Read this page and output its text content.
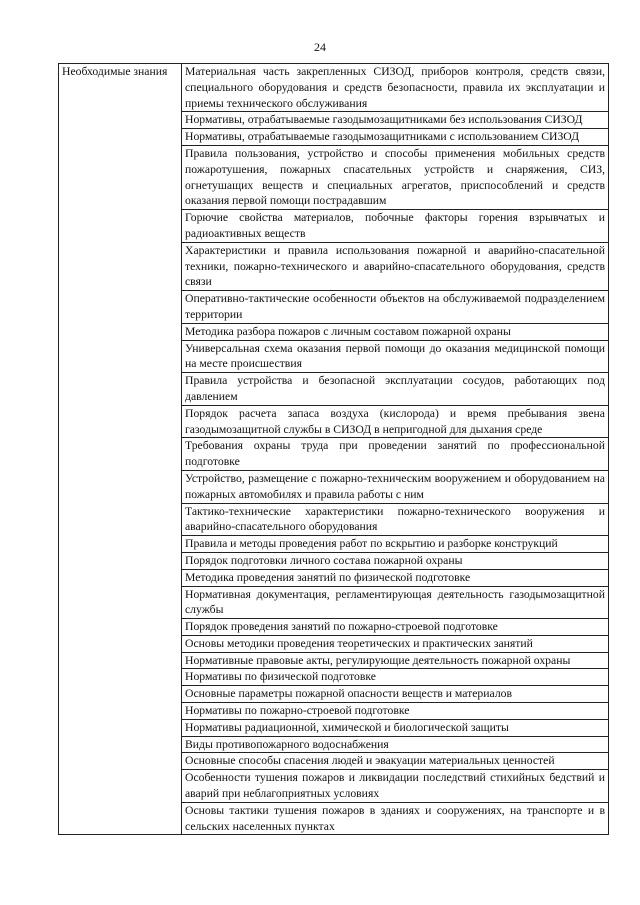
24
Необходимые знания	Материальная часть закрепленных СИЗОД, приборов контроля, средств связи, специального оборудования и средств безопасности, правила их эксплуатации и приемы технического обслуживания
Нормативы, отрабатываемые газодымозащитниками без использования СИЗОД
Нормативы, отрабатываемые газодымозащитниками с использованием СИЗОД
Правила пользования, устройство и способы применения мобильных средств пожаротушения, пожарных спасательных устройств и снаряжения, СИЗ, огнетушащих веществ и специальных агрегатов, приспособлений и средств оказания первой помощи пострадавшим
Горючие свойства материалов, побочные факторы горения взрывчатых и радиоактивных веществ
Характеристики и правила использования пожарной и аварийно-спасательной техники, пожарно-технического и аварийно-спасательного оборудования, средств связи
Оперативно-тактические особенности объектов на обслуживаемой подразделением территории
Методика разбора пожаров с личным составом пожарной охраны
Универсальная схема оказания первой помощи до оказания медицинской помощи на месте происшествия
Правила устройства и безопасной эксплуатации сосудов, работающих под давлением
Порядок расчета запаса воздуха (кислорода) и время пребывания звена газодымозащитной службы в СИЗОД в непригодной для дыхания среде
Требования охраны труда при проведении занятий по профессиональной подготовке
Устройство, размещение с пожарно-техническим вооружением и оборудованием на пожарных автомобилях и правила работы с ним
Тактико-технические характеристики пожарно-технического вооружения и аварийно-спасательного оборудования
Правила и методы проведения работ по вскрытию и разборке конструкций
Порядок подготовки личного состава пожарной охраны
Методика проведения занятий по физической подготовке
Нормативная документация, регламентирующая деятельность газодымозащитной службы
Порядок проведения занятий по пожарно-строевой подготовке
Основы методики проведения теоретических и практических занятий
Нормативные правовые акты, регулирующие деятельность пожарной охраны
Нормативы по физической подготовке
Основные параметры пожарной опасности веществ и материалов
Нормативы по пожарно-строевой подготовке
Нормативы радиационной, химической и биологической защиты
Виды противопожарного водоснабжения
Основные способы спасения людей и эвакуации материальных ценностей
Особенности тушения пожаров и ликвидации последствий стихийных бедствий и аварий при неблагоприятных условиях
Основы тактики тушения пожаров в зданиях и сооружениях, на транспорте и в сельских населенных пунктах
